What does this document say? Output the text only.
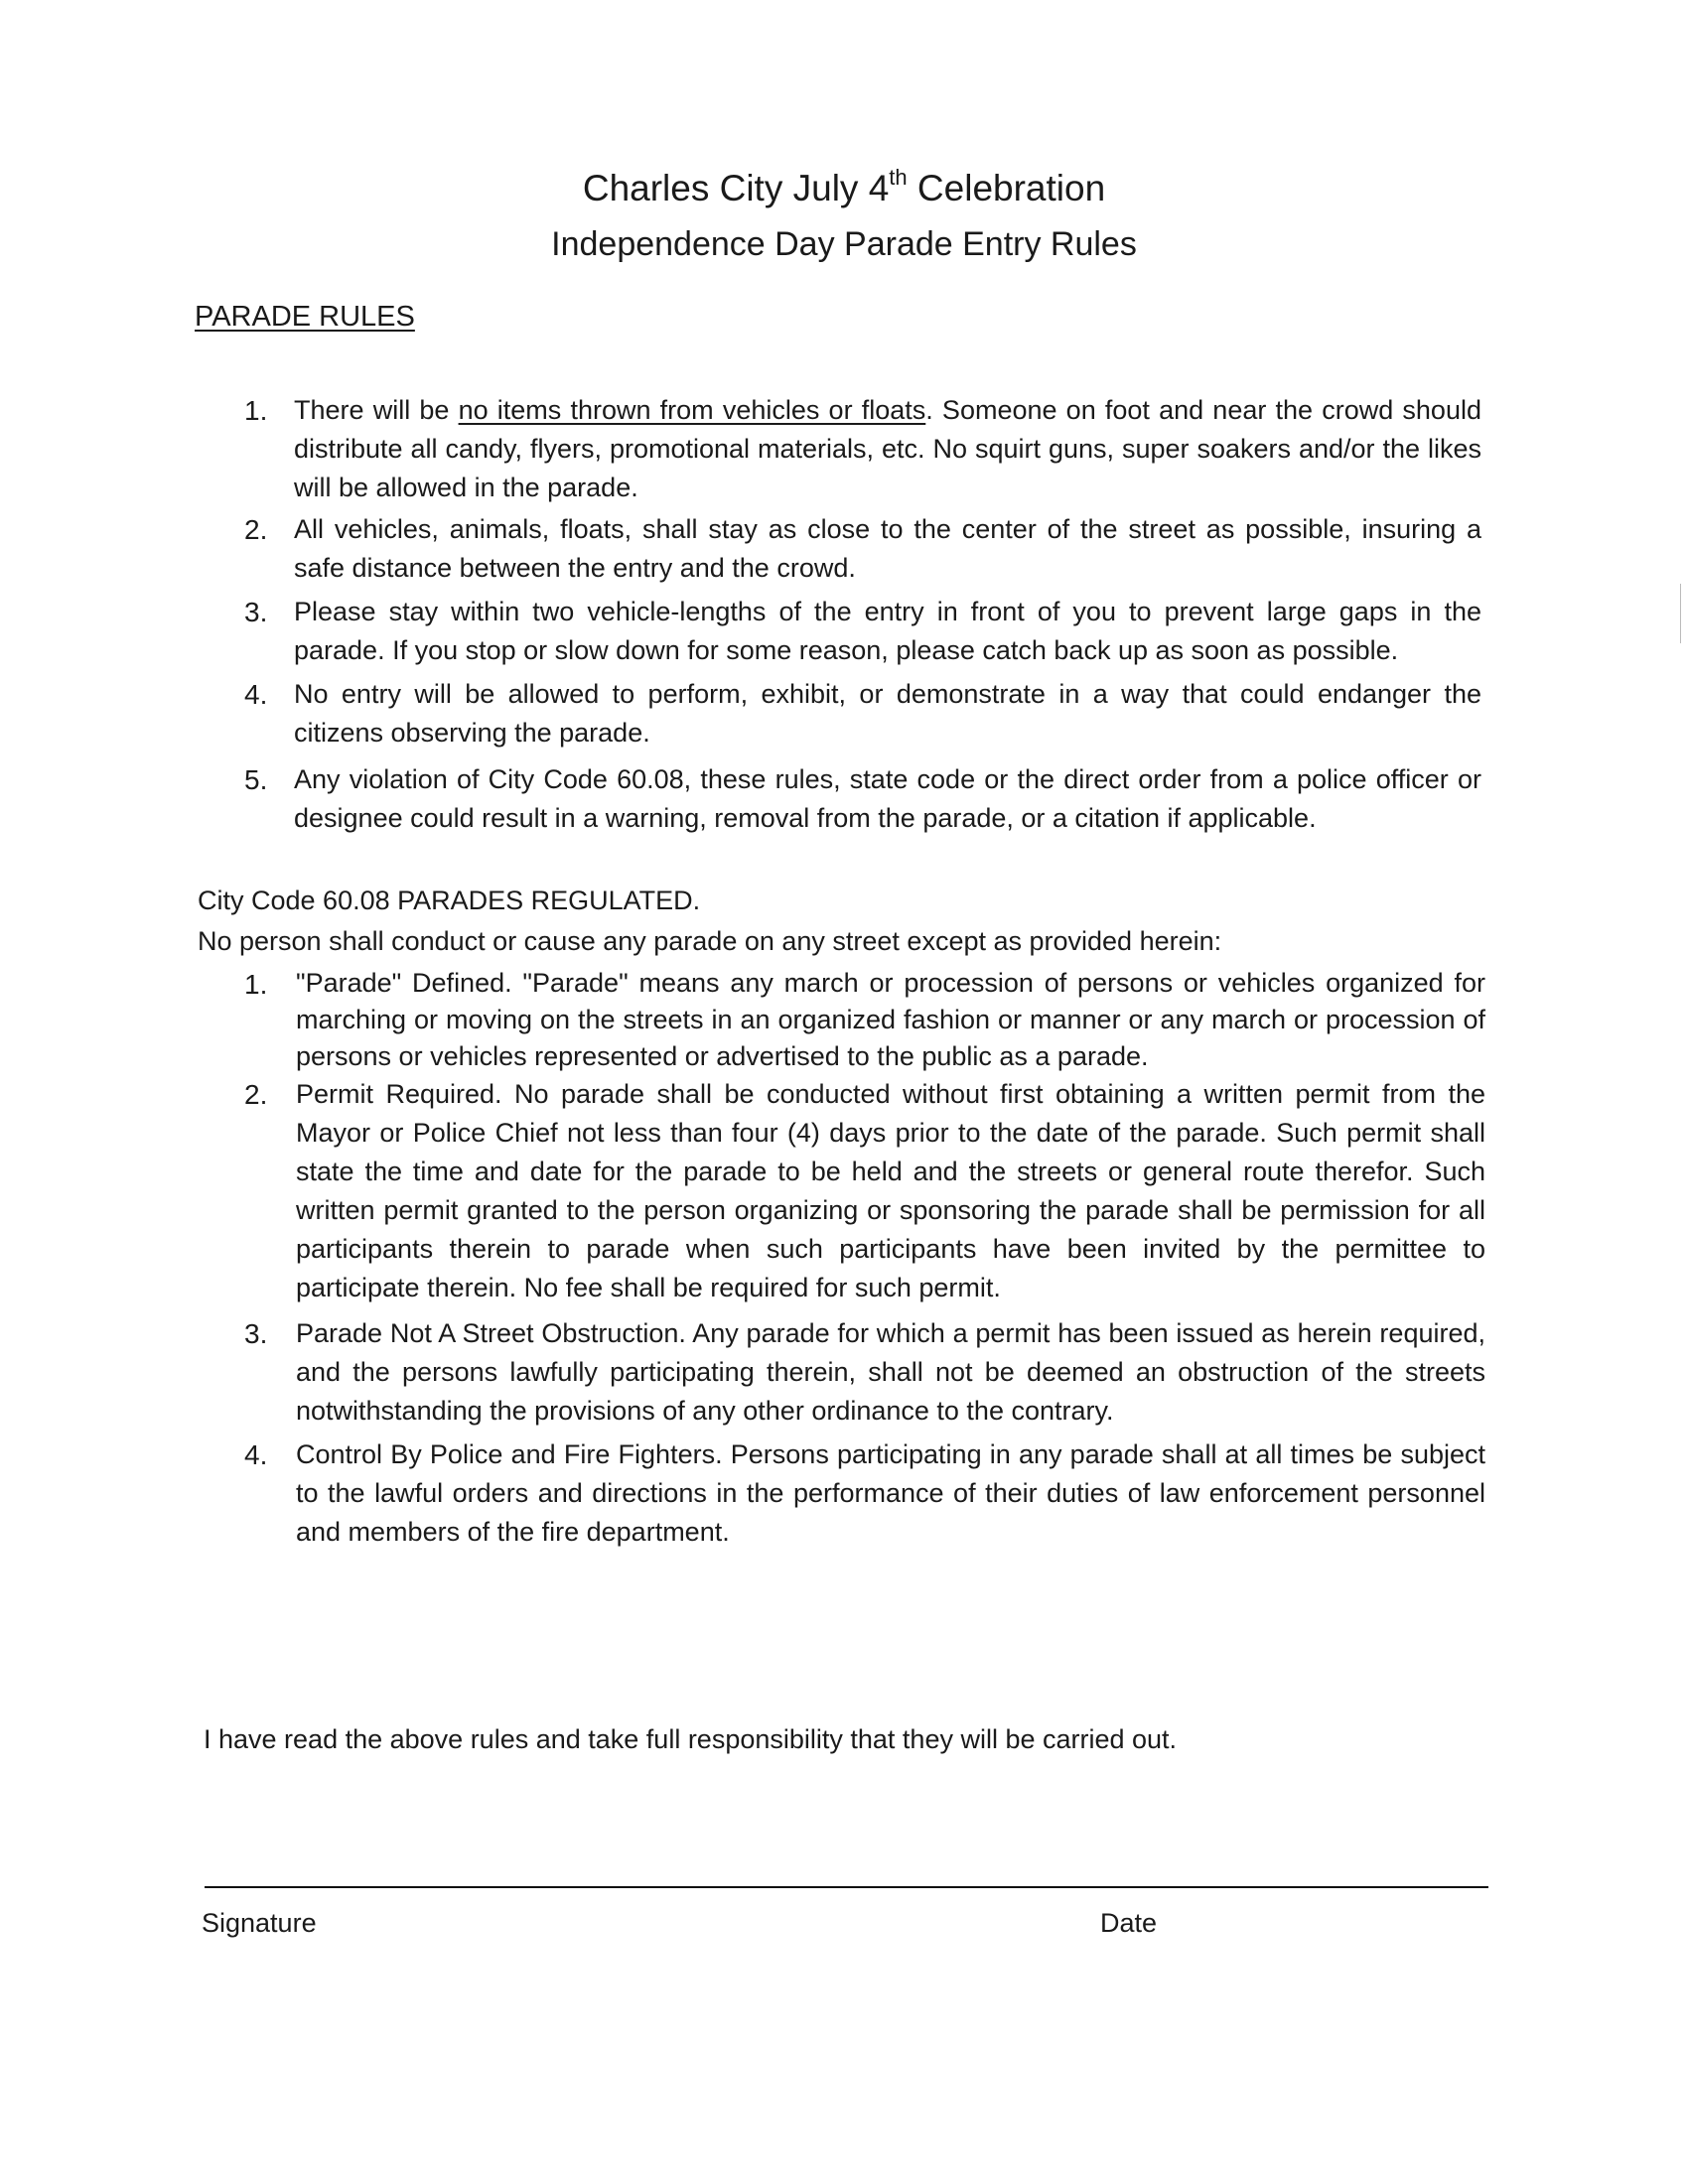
Charles City July 4th Celebration
Independence Day Parade Entry Rules
PARADE RULES
1. There will be no items thrown from vehicles or floats. Someone on foot and near the crowd should distribute all candy, flyers, promotional materials, etc. No squirt guns, super soakers and/or the likes will be allowed in the parade.
2. All vehicles, animals, floats, shall stay as close to the center of the street as possible, insuring a safe distance between the entry and the crowd.
3. Please stay within two vehicle-lengths of the entry in front of you to prevent large gaps in the parade. If you stop or slow down for some reason, please catch back up as soon as possible.
4. No entry will be allowed to perform, exhibit, or demonstrate in a way that could endanger the citizens observing the parade.
5. Any violation of City Code 60.08, these rules, state code or the direct order from a police officer or designee could result in a warning, removal from the parade, or a citation if applicable.
City Code 60.08 PARADES REGULATED.
No person shall conduct or cause any parade on any street except as provided herein:
1. "Parade" Defined. "Parade" means any march or procession of persons or vehicles organized for marching or moving on the streets in an organized fashion or manner or any march or procession of persons or vehicles represented or advertised to the public as a parade.
2. Permit Required. No parade shall be conducted without first obtaining a written permit from the Mayor or Police Chief not less than four (4) days prior to the date of the parade. Such permit shall state the time and date for the parade to be held and the streets or general route therefor. Such written permit granted to the person organizing or sponsoring the parade shall be permission for all participants therein to parade when such participants have been invited by the permittee to participate therein. No fee shall be required for such permit.
3. Parade Not A Street Obstruction. Any parade for which a permit has been issued as herein required, and the persons lawfully participating therein, shall not be deemed an obstruction of the streets notwithstanding the provisions of any other ordinance to the contrary.
4. Control By Police and Fire Fighters. Persons participating in any parade shall at all times be subject to the lawful orders and directions in the performance of their duties of law enforcement personnel and members of the fire department.
I have read the above rules and take full responsibility that they will be carried out.
Signature	Date
